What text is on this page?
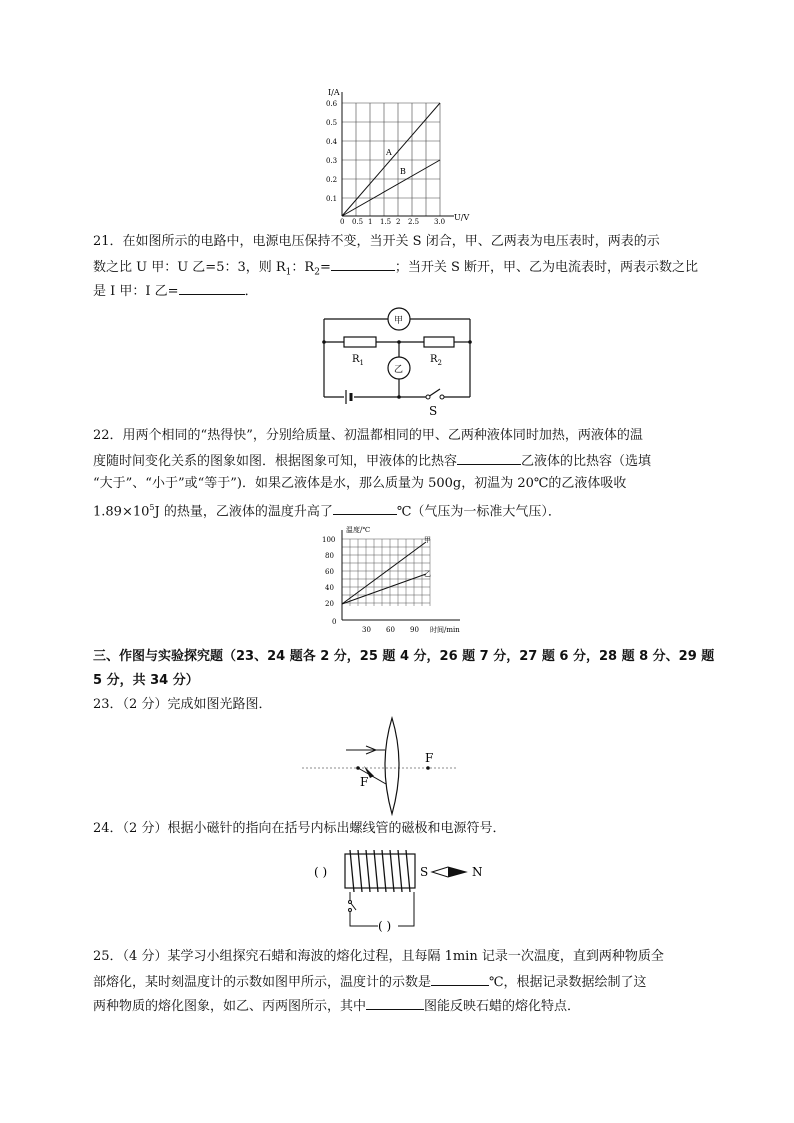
I/A
U/V
0.6
0.5
0.4
0.3
0.2
0.1
0 0.5 1 1.5 2 2.5 3.0
A
B
21．在如图所示的电路中，电源电压保持不变，当开关 S 闭合，甲、乙两表为电压表时，两表的示
数之比 U 甲：U 乙=5：3，则 $R_1$：$R_2=$	；当开关 S 断开，甲、乙为电流表时，两表示数之比
是 I 甲：I 乙=	．
甲
乙
$R_1$	$R_2$
S
22．用两个相同的“热得快”，分别给质量、初温都相同的甲、乙两种液体同时加热，两液体的温
度随时间变化关系的图象如图．根据图象可知，甲液体的比热容	乙液体的比热容（选填
“大于”、“小于”或“等于”)．如果乙液体是水，那么质量为 500g，初温为 20℃的乙液体吸收
$1.89\times 10^5J$ 的热量，乙液体的温度升高了	℃（气压为一标准大气压）．
温度/℃
时间/min
100
80
60
40
20
0
30 60 90
甲
乙
三、作图与实验探究题（23、24 题各 2 分，25 题 4 分，26 题 7 分，27 题 6 分，28 题 8 分、29 题
5 分，共 34 分）
23．（2 分）完成如图光路图．
F
F
24．（2 分）根据小磁针的指向在括号内标出螺线管的磁极和电源符号．
( )
( )
S	N
25．（4 分）某学习小组探究石蜡和海波的熔化过程，且每隔 1min 记录一次温度，直到两种物质全
部熔化，某时刻温度计的示数如图甲所示，温度计的示数是	℃，根据记录数据绘制了这
两种物质的熔化图象，如乙、丙两图所示，其中	图能反映石蜡的熔化特点．
